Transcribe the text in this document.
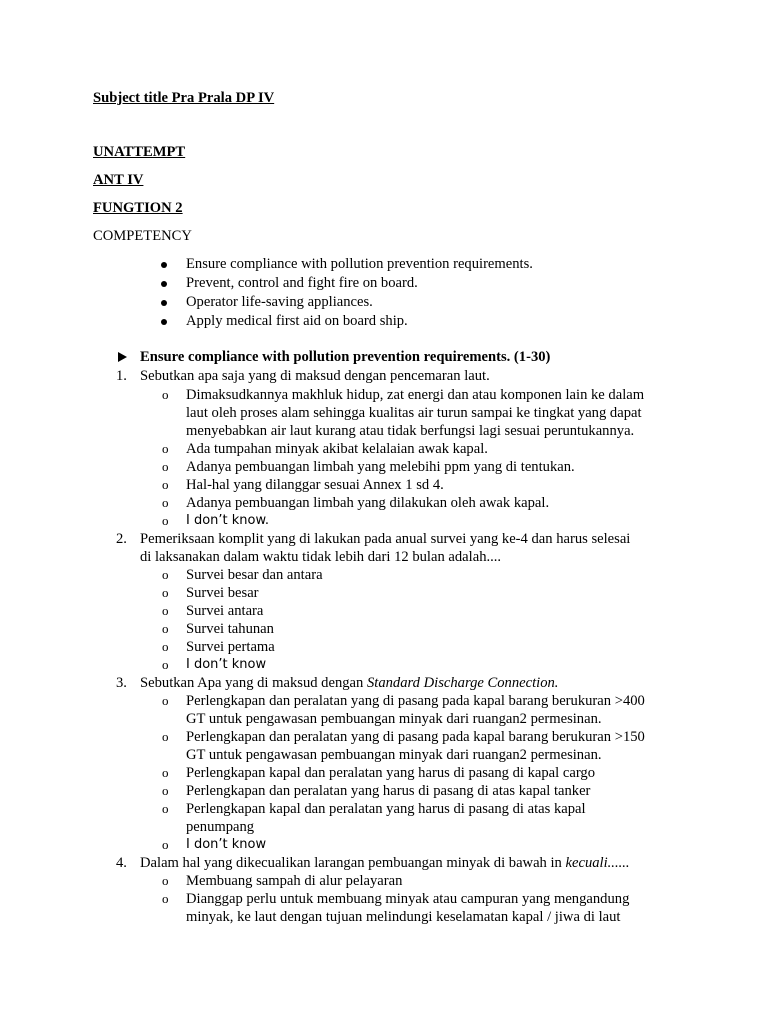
Subject title Pra Prala DP IV
UNATTEMPT
ANT IV
FUNGTION 2
COMPETENCY
Ensure compliance with pollution prevention requirements.
Prevent, control and fight fire on board.
Operator life-saving appliances.
Apply medical first aid on board ship.
Ensure compliance with pollution prevention requirements. (1-30)
1. Sebutkan apa saja yang di maksud dengan pencemaran laut.
o Dimaksudkannya makhluk hidup, zat energi dan atau komponen lain ke dalam
laut oleh proses alam sehingga kualitas air turun sampai ke tingkat yang dapat
menyebabkan air laut kurang atau tidak berfungsi lagi sesuai peruntukannya.
o Ada tumpahan minyak akibat kelalaian awak kapal.
o Adanya pembuangan limbah yang melebihi ppm yang di tentukan.
o Hal-hal yang dilanggar sesuai Annex 1 sd 4.
o Adanya pembuangan limbah yang dilakukan oleh awak kapal.
o I don’t know.
2. Pemeriksaan komplit yang di lakukan pada anual survei yang ke-4 dan harus selesai
di laksanakan dalam waktu tidak lebih dari 12 bulan adalah....
o Survei besar dan antara
o Survei besar
o Survei antara
o Survei tahunan
o Survei pertama
o I don’t know
3. Sebutkan Apa yang di maksud dengan Standard Discharge Connection.
o Perlengkapan dan peralatan yang di pasang pada kapal barang berukuran >400
GT untuk pengawasan pembuangan minyak dari ruangan2 permesinan.
o Perlengkapan dan peralatan yang di pasang pada kapal barang berukuran >150
GT untuk pengawasan pembuangan minyak dari ruangan2 permesinan.
o Perlengkapan kapal dan peralatan yang harus di pasang di kapal cargo
o Perlengkapan dan peralatan yang harus di pasang di atas kapal tanker
o Perlengkapan kapal dan peralatan yang harus di pasang di atas kapal
penumpang
o I don’t know
4. Dalam hal yang dikecualikan larangan pembuangan minyak di bawah in kecuali......
o Membuang sampah di alur pelayaran
o Dianggap perlu untuk membuang minyak atau campuran yang mengandung
minyak, ke laut dengan tujuan melindungi keselamatan kapal / jiwa di laut
